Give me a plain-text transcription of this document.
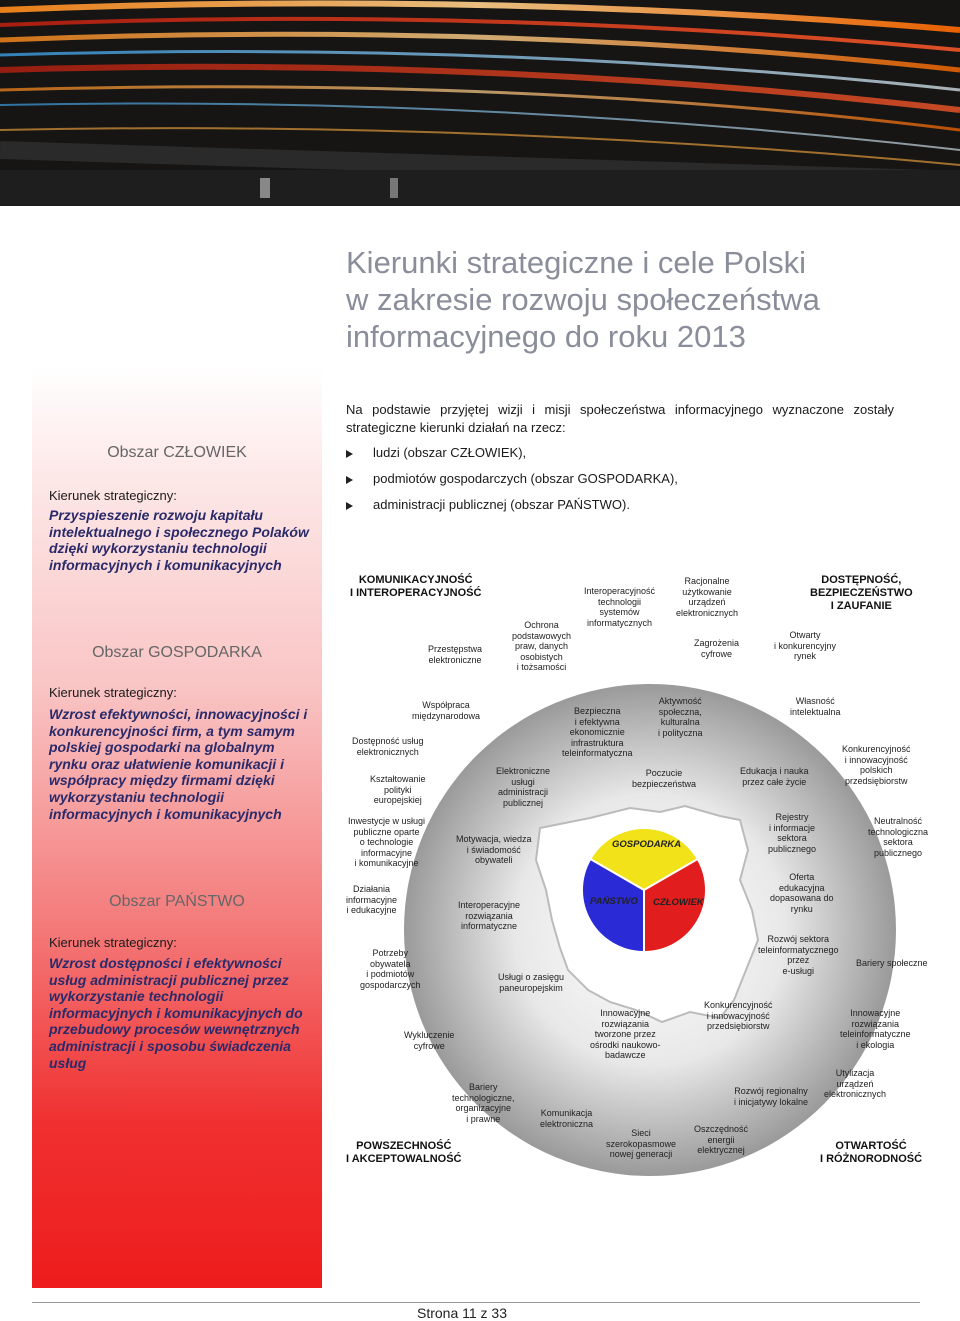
Kierunki strategiczne i cele Polski
w zakresie rozwoju społeczeństwa
informacyjnego do roku 2013
Obszar CZŁOWIEK
Kierunek strategiczny:
Przyspieszenie rozwoju kapitału intelektualnego i społecznego Polaków dzięki wykorzystaniu technologii informacyjnych i komunikacyjnych
Obszar GOSPODARKA
Kierunek strategiczny:
Wzrost efektywności, innowacyjności i konkurencyjności firm, a tym samym polskiej gospodarki na globalnym rynku oraz ułatwienie komunikacji i współpracy między firmami dzięki wykorzystaniu technologii informacyjnych i komunikacyjnych
Obszar PAŃSTWO
Kierunek strategiczny:
Wzrost dostępności i efektywności usług administracji publicznej przez wykorzystanie technologii informacyjnych i komunikacyjnych do przebudowy procesów wewnętrznych administracji i sposobu świadczenia usług
Na podstawie przyjętej wizji i misji społeczeństwa informacyjnego wyznaczone zostały strategiczne kierunki działań na rzecz:
ludzi (obszar CZŁOWIEK),
podmiotów gospodarczych (obszar GOSPODARKA),
administracji publicznej (obszar PAŃSTWO).
GOSPODARKA
PAŃSTWO CZŁOWIEK
KOMUNIKACYJNOŚĆ
I INTEROPERACYJNOŚĆ
DOSTĘPNOŚĆ,
BEZPIECZEŃSTWO
I ZAUFANIE
POWSZECHNOŚĆ
I AKCEPTOWALNOŚĆ
OTWARTOŚĆ
I RÓŻNORODNOŚĆ
Przestępstwa
elektroniczne
Ochrona
podstawowych
praw, danych
osobistych
i tożsamości
Interoperacyjność
technologii
systemów
informatycznych
Racjonalne
użytkowanie
urządzeń
elektronicznych
Zagrożenia
cyfrowe
Otwarty
i konkurencyjny
rynek
Współpraca
międzynarodowa
Dostępność usług
elektronicznych
Kształtowanie
polityki
europejskiej
Inwestycje w usługi
publiczne oparte
o technologie
informacyjne
i komunikacyjne
Działania
informacyjne
i edukacyjne
Potrzeby
obywatela
i podmiotów
gospodarczych
Wykluczenie
cyfrowe
Bariery
technologiczne,
organizacyjne
i prawne
Komunikacja
elektroniczna
Sieci
szerokopasmowe
nowej generacji
Oszczędność
energii
elektrycznej
Rozwój regionalny
i inicjatywy lokalne
Własność
intelektualna
Konkurencyjność
i innowacyjność
polskich
przedsiębiorstw
Neutralność
technologiczna
sektora
publicznego
Bariery społeczne
Innowacyjne
rozwiązania
teleinformatyczne
i ekologia
Utylizacja
urządzeń
elektronicznych
Bezpieczna
i efektywna
ekonomicznie
infrastruktura
teleinformatyczna
Aktywność
społeczna,
kulturalna
i polityczna
Elektroniczne
usługi
administracji
publicznej
Poczucie
bezpieczeństwa
Edukacja i nauka
przez całe życie
Motywacja, wiedza
i świadomość
obywateli
Rejestry
i informacje
sektora
publicznego
Oferta
edukacyjna
dopasowana do
rynku
Interoperacyjne
rozwiązania
informatyczne
Rozwój sektora
teleinformatycznego
przez
e-usługi
Usługi o zasięgu
paneuropejskim
Innowacyjne
rozwiązania
tworzone przez
ośrodki naukowo-
badawcze
Konkurencyjność
i innowacyjność
przedsiębiorstw
Strona 11 z 33
